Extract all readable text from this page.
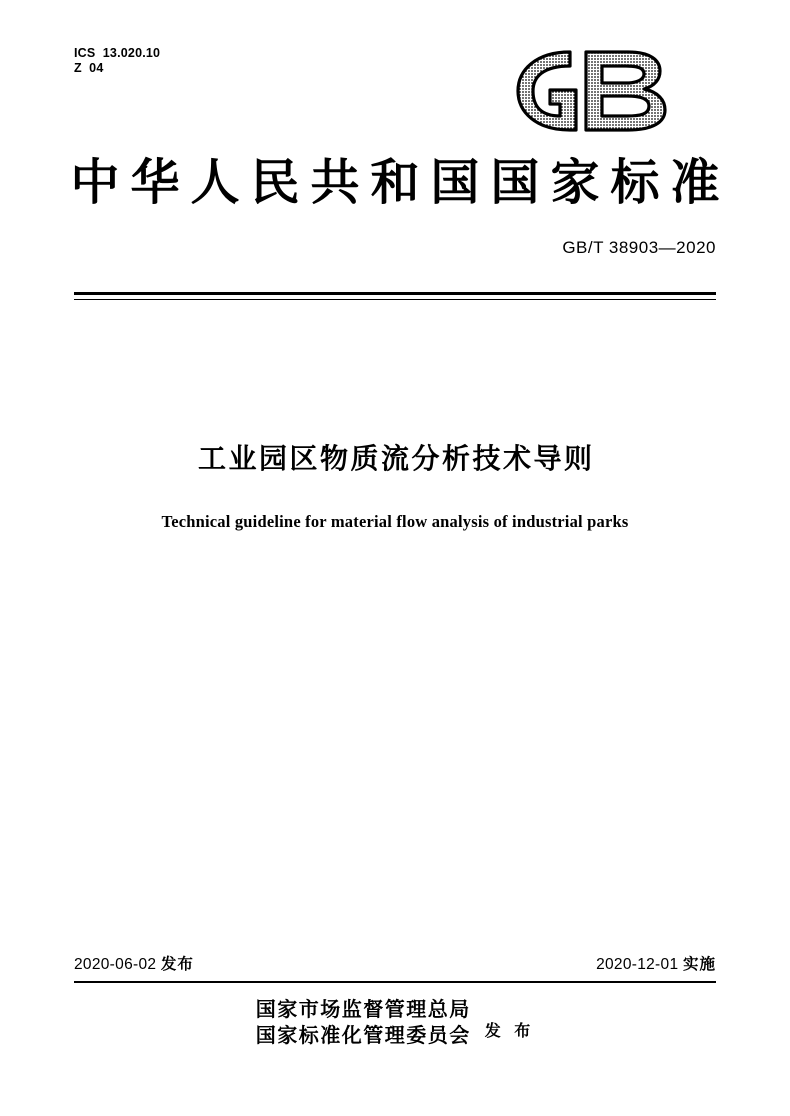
ICS  13.020.10
Z  04
中华人民共和国国家标准
GB/T 38903—2020
工业园区物质流分析技术导则
Technical guideline for material flow analysis of industrial parks
2020-06-02 发布	2020-12-01 实施
国家市场监督管理总局
国家标准化管理委员会 发 布
